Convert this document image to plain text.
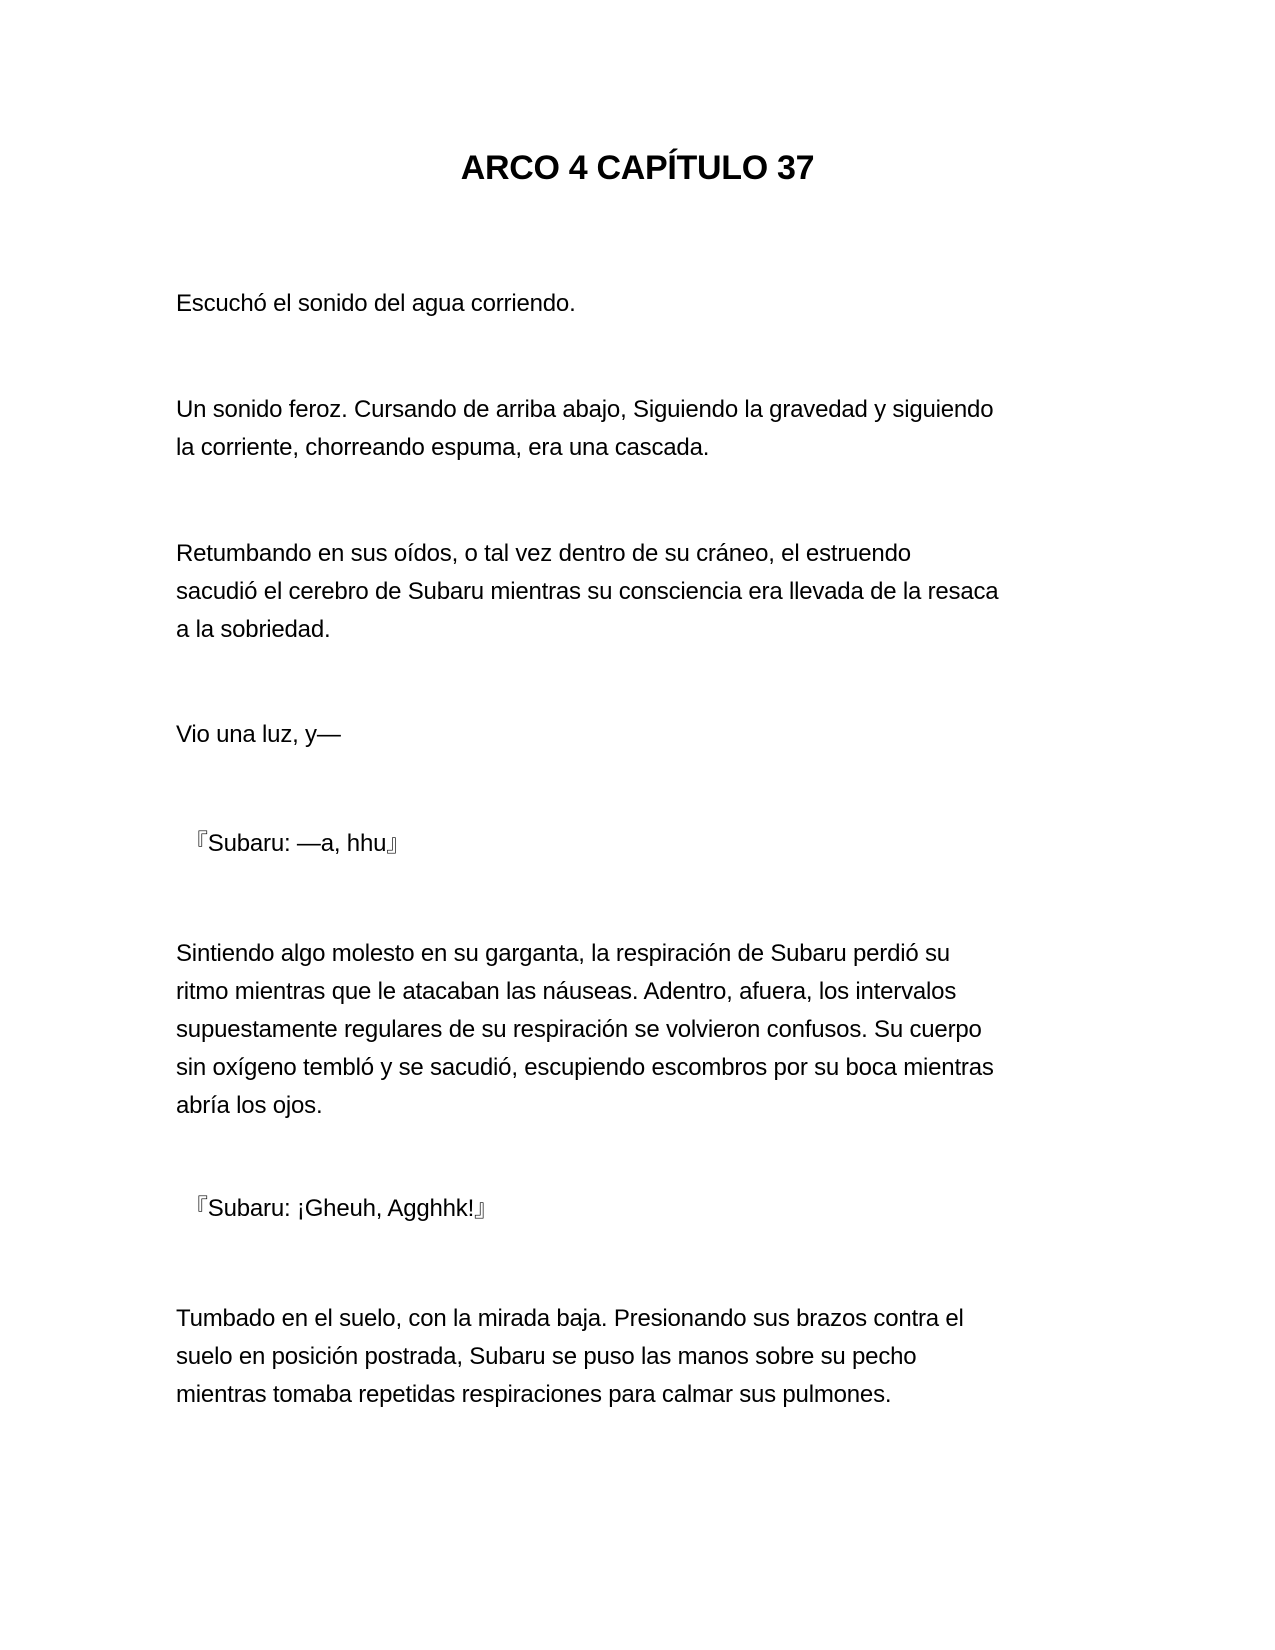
ARCO 4 CAPÍTULO 37

Escuchó el sonido del agua corriendo.

Un sonido feroz. Cursando de arriba abajo, Siguiendo la gravedad y siguiendo
la corriente, chorreando espuma, era una cascada.

Retumbando en sus oídos, o tal vez dentro de su cráneo, el estruendo
sacudió el cerebro de Subaru mientras su consciencia era llevada de la resaca
a la sobriedad.

Vio una luz, y—

『Subaru: —a, hhu』

Sintiendo algo molesto en su garganta, la respiración de Subaru perdió su
ritmo mientras que le atacaban las náuseas. Adentro, afuera, los intervalos
supuestamente regulares de su respiración se volvieron confusos. Su cuerpo
sin oxígeno tembló y se sacudió, escupiendo escombros por su boca mientras
abría los ojos.

『Subaru: ¡Gheuh, Agghhk!』

Tumbado en el suelo, con la mirada baja. Presionando sus brazos contra el
suelo en posición postrada, Subaru se puso las manos sobre su pecho
mientras tomaba repetidas respiraciones para calmar sus pulmones.
